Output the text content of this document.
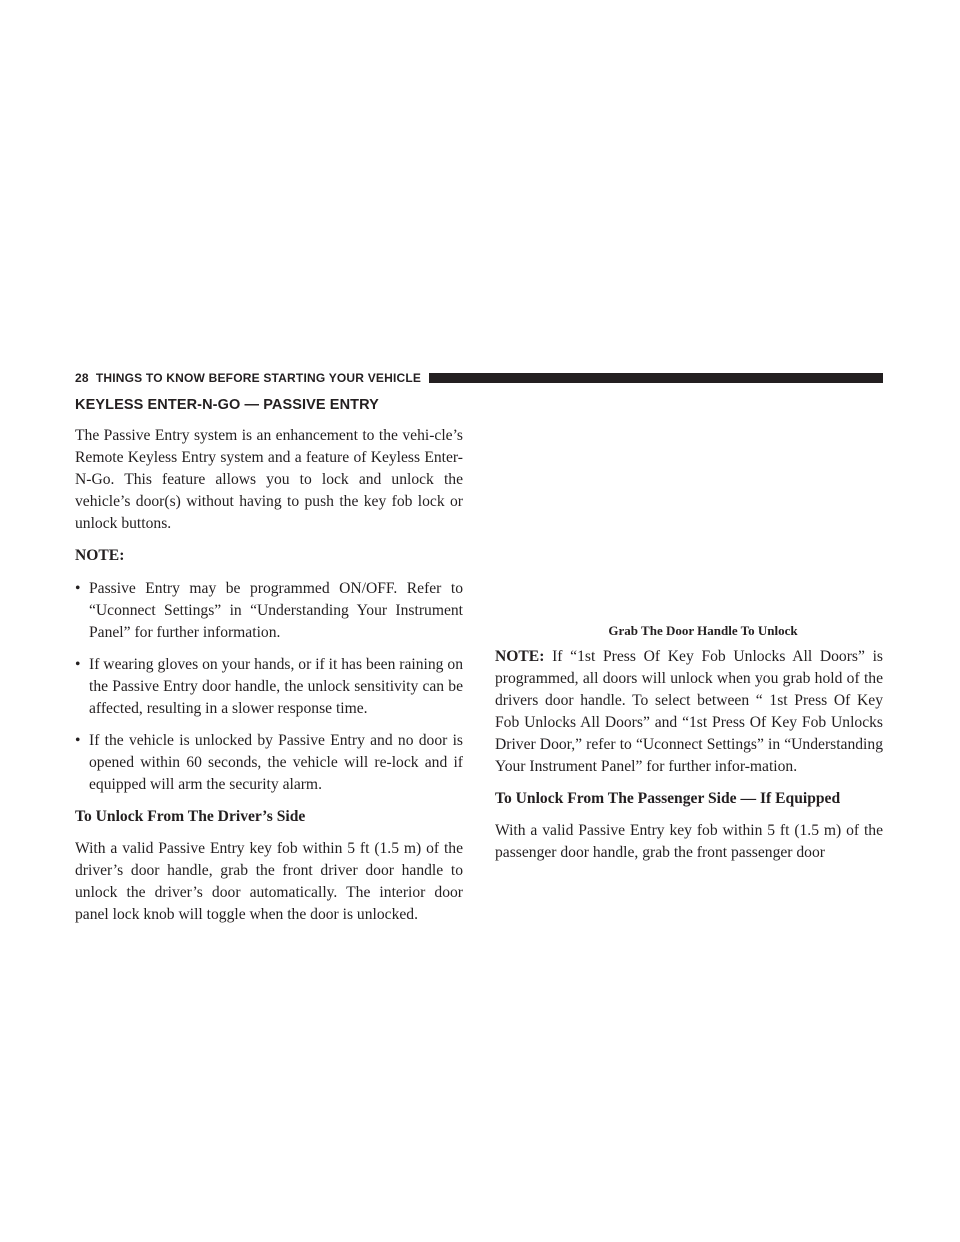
28 THINGS TO KNOW BEFORE STARTING YOUR VEHICLE
KEYLESS ENTER-N-GO — PASSIVE ENTRY

The Passive Entry system is an enhancement to the vehi-cle’s Remote Keyless Entry system and a feature of Keyless Enter-N-Go. This feature allows you to lock and unlock the vehicle’s door(s) without having to push the key fob lock or unlock buttons.

NOTE:
• Passive Entry may be programmed ON/OFF. Refer to “Uconnect Settings” in “Understanding Your Instrument Panel” for further information.
• If wearing gloves on your hands, or if it has been raining on the Passive Entry door handle, the unlock sensitivity can be affected, resulting in a slower response time.
• If the vehicle is unlocked by Passive Entry and no door is opened within 60 seconds, the vehicle will re-lock and if equipped will arm the security alarm.
To Unlock From The Driver’s Side

With a valid Passive Entry key fob within 5 ft (1.5 m) of the driver’s door handle, grab the front driver door handle to unlock the driver’s door automatically. The interior door panel lock knob will toggle when the door is unlocked.

Grab The Door Handle To Unlock

NOTE: If “1st Press Of Key Fob Unlocks All Doors” is programmed, all doors will unlock when you grab hold of the drivers door handle. To select between “ 1st Press Of Key Fob Unlocks All Doors” and “1st Press Of Key Fob Unlocks Driver Door,” refer to “Uconnect Settings” in “Understanding Your Instrument Panel” for further infor-mation.

To Unlock From The Passenger Side — If Equipped

With a valid Passive Entry key fob within 5 ft (1.5 m) of the passenger door handle, grab the front passenger door
